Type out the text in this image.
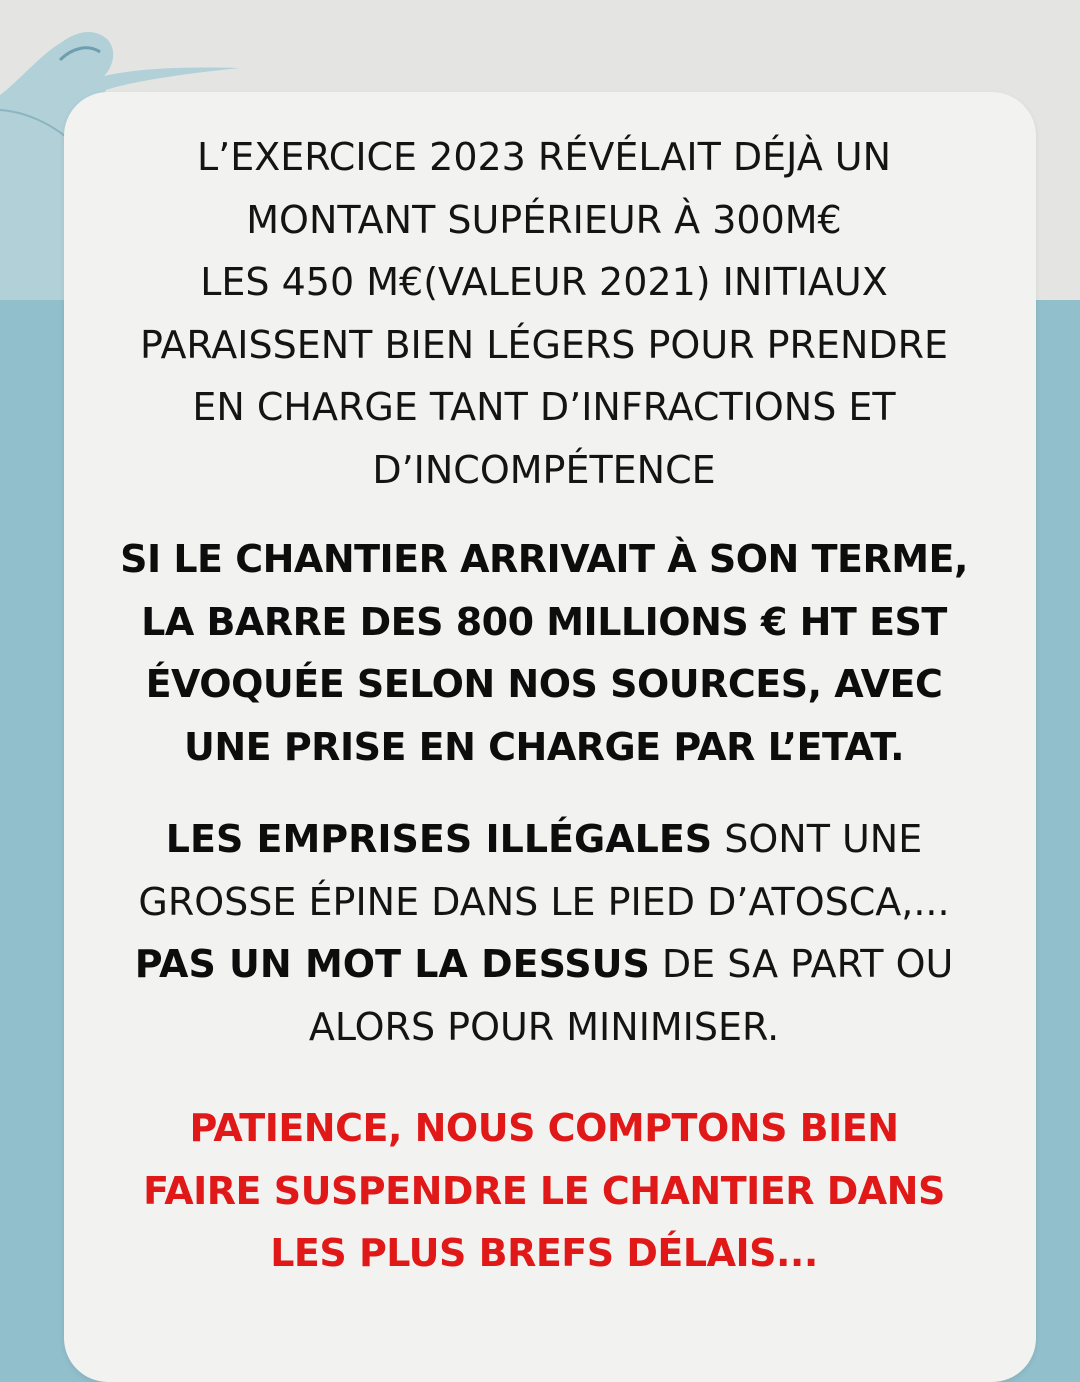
L’EXERCICE 2023 RÉVÉLAIT DÉJÀ UN
MONTANT SUPÉRIEUR À 300M€
LES 450 M€(VALEUR 2021) INITIAUX
PARAISSENT BIEN LÉGERS POUR PRENDRE
EN CHARGE TANT D’INFRACTIONS ET
D’INCOMPÉTENCE
SI LE CHANTIER ARRIVAIT À SON TERME,
LA BARRE DES 800 MILLIONS € HT EST
ÉVOQUÉE SELON NOS SOURCES, AVEC
UNE PRISE EN CHARGE PAR L’ETAT.
LES EMPRISES ILLÉGALES SONT UNE
GROSSE ÉPINE DANS LE PIED D’ATOSCA,...
PAS UN MOT LA DESSUS DE SA PART OU
ALORS POUR MINIMISER.
PATIENCE, NOUS COMPTONS BIEN
FAIRE SUSPENDRE LE CHANTIER DANS
LES PLUS BREFS DÉLAIS...
